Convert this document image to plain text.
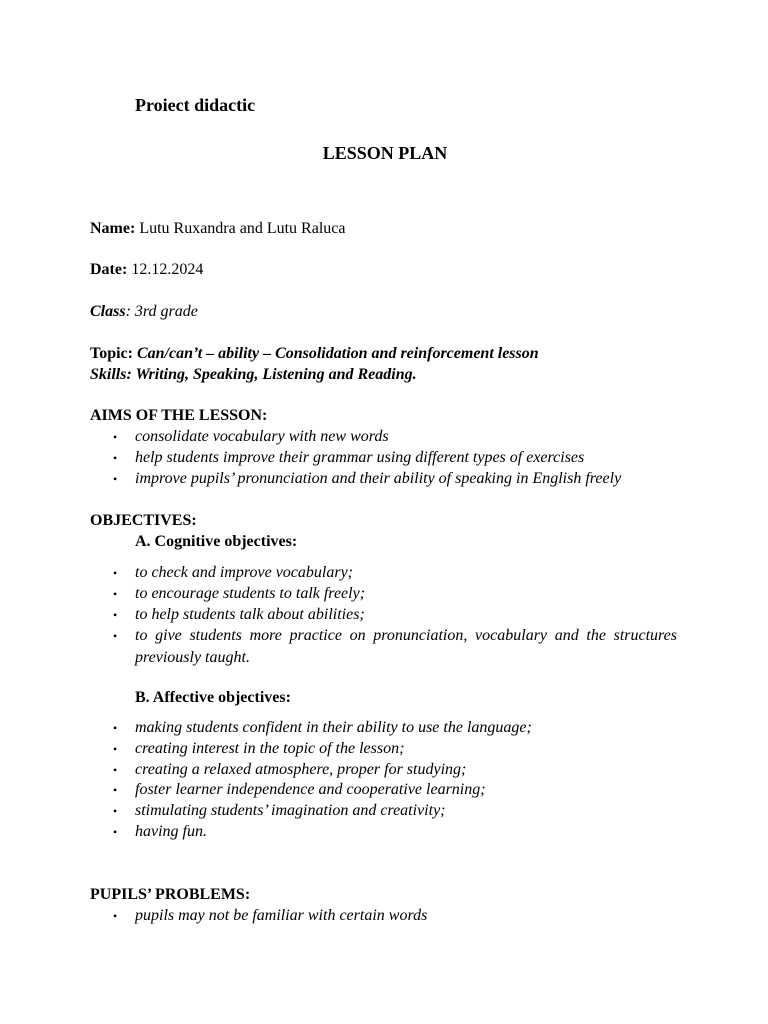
Proiect didactic
LESSON PLAN
Name: Lutu Ruxandra and Lutu Raluca
Date: 12.12.2024
Class: 3rd grade
Topic: Can/can’t – ability – Consolidation and reinforcement lesson
Skills: Writing, Speaking, Listening and Reading.
AIMS OF THE LESSON:
• consolidate vocabulary with new words
• help students improve their grammar using different types of exercises
• improve pupils’ pronunciation and their ability of speaking in English freely
OBJECTIVES:
A. Cognitive objectives:
• to check and improve vocabulary;
• to encourage students to talk freely;
• to help students talk about abilities;
• to give students more practice on pronunciation, vocabulary and the structures previously taught.
B. Affective objectives:
• making students confident in their ability to use the language;
• creating interest in the topic of the lesson;
• creating a relaxed atmosphere, proper for studying;
• foster learner independence and cooperative learning;
• stimulating students’ imagination and creativity;
• having fun.
PUPILS’ PROBLEMS:
• pupils may not be familiar with certain words
